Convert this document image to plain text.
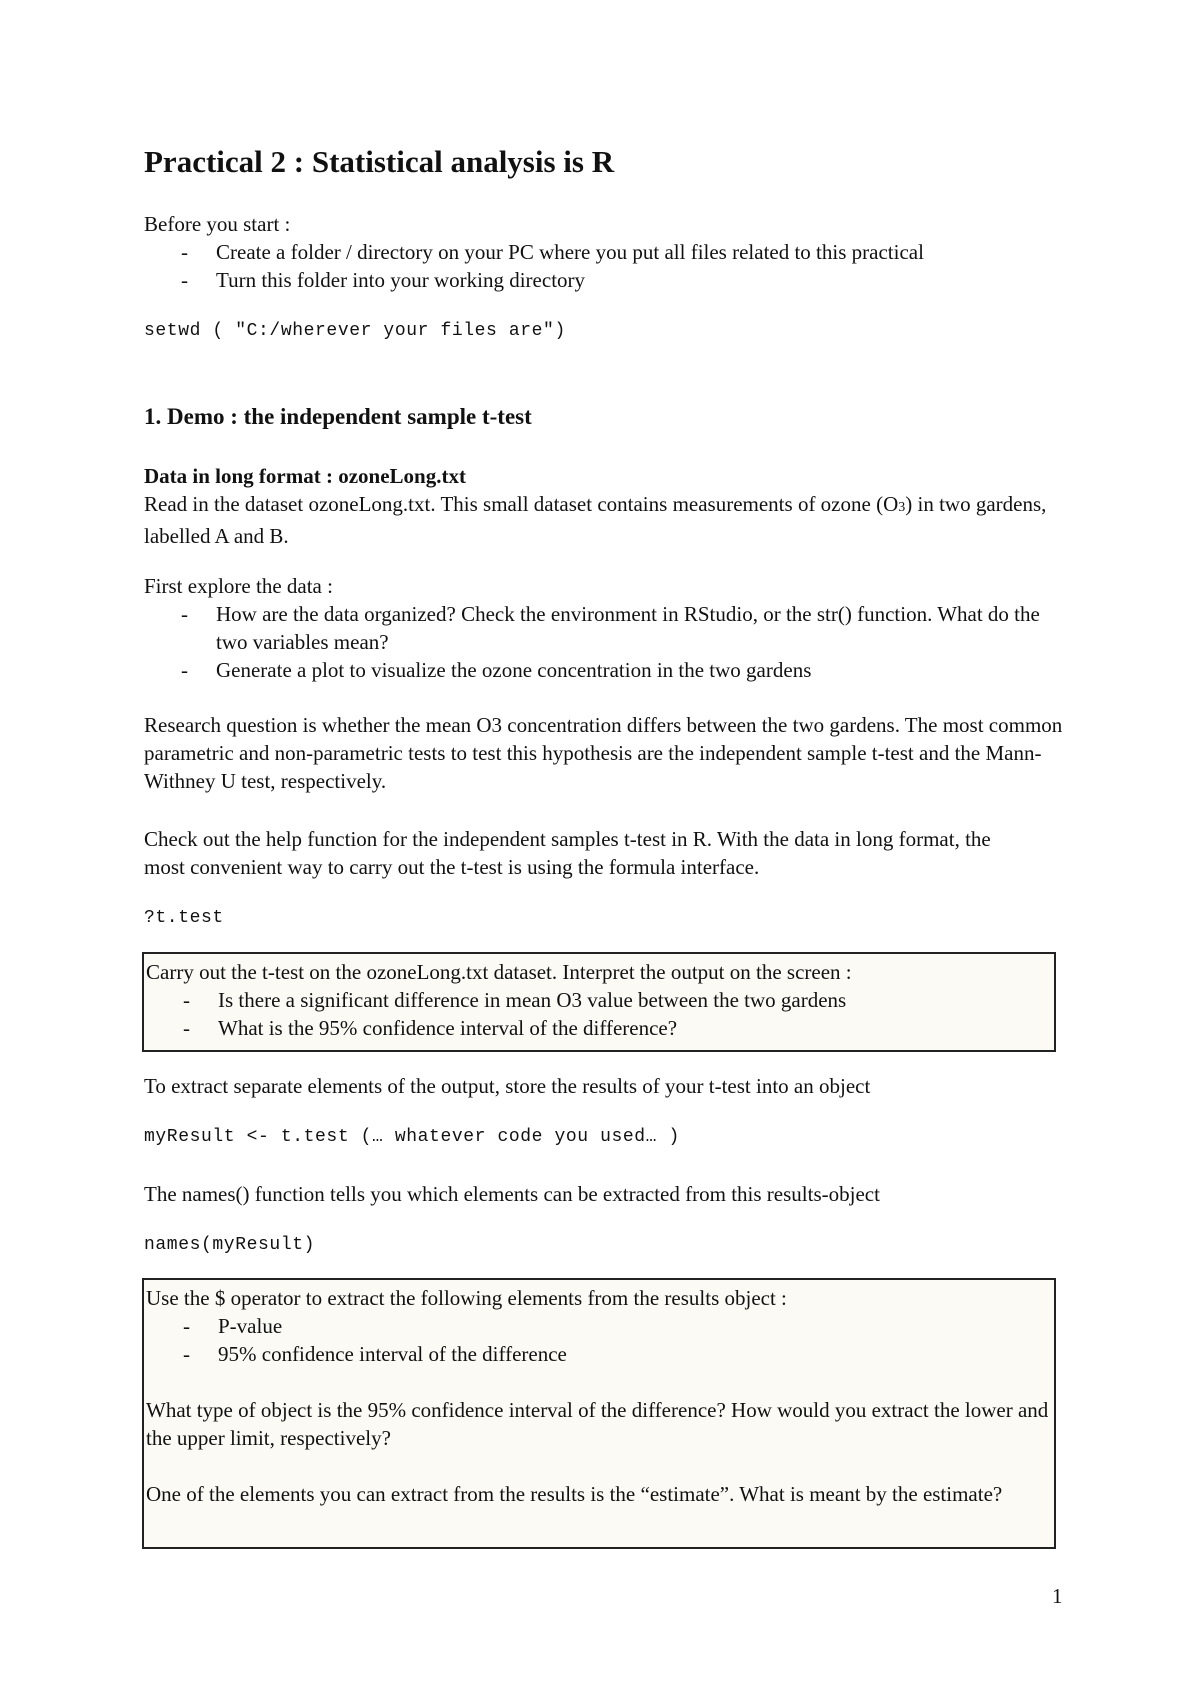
Practical 2 : Statistical analysis is R

Before you start :

- Create a folder / directory on your PC where you put all files related to this practical
- Turn this folder into your working directory
setwd ( "C:/wherever your files are")
1. Demo : the independent sample t-test

Data in long format : ozoneLong.txt

Read in the dataset ozoneLong.txt. This small dataset contains measurements of ozone (O3) in two gardens, labelled A and B.

First explore the data :

- How are the data organized? Check the environment in RStudio, or the str() function. What do the two variables mean?
- Generate a plot to visualize the ozone concentration in the two gardens

Research question is whether the mean O3 concentration differs between the two gardens. The most common parametric and non-parametric tests to test this hypothesis are the independent sample t-test and the Mann-Withney U test, respectively.

Check out the help function for the independent samples t-test in R. With the data in long format, the most convenient way to carry out the t-test is using the formula interface.

?t.test

Carry out the t-test on the ozoneLong.txt dataset. Interpret the output on the screen :

- Is there a significant difference in mean O3 value between the two gardens
- What is the 95% confidence interval of the difference?

To extract separate elements of the output, store the results of your t-test into an object

myResult <- t.test (… whatever code you used… )

The names() function tells you which elements can be extracted from this results-object

names(myResult)

Use the $ operator to extract the following elements from the results object :

- P-value
- 95% confidence interval of the difference

What type of object is the 95% confidence interval of the difference? How would you extract the lower and the upper limit, respectively?

One of the elements you can extract from the results is the “estimate”. What is meant by the estimate?

1
